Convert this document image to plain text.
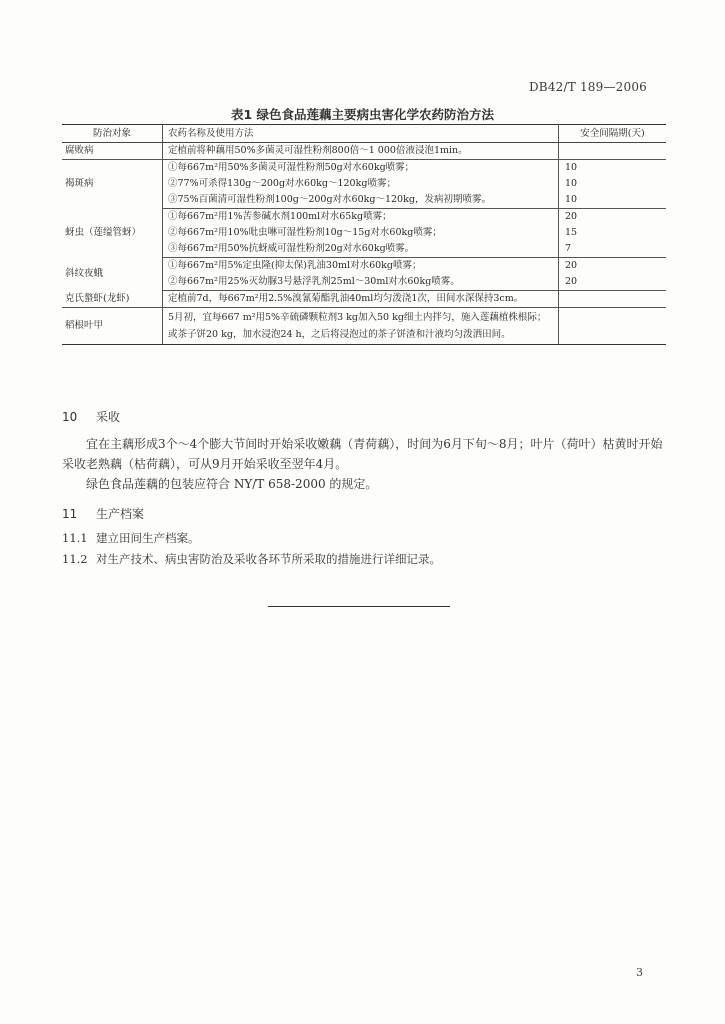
DB42/T 189—2006
表1 绿色食品莲藕主要病虫害化学农药防治方法
防治对象	农药名称及使用方法	安全间隔期(天)
腐败病	定植前将种藕用50%多菌灵可湿性粉剂800倍～1 000倍液浸泡1min。	
褐斑病	①每667m²用50%多菌灵可湿性粉剂50g对水60kg喷雾；	10
	②77%可杀得130g～200g对水60kg～120kg喷雾；	10
	③75%百菌清可湿性粉剂100g～200g对水60kg～120kg，发病初期喷雾。	10
蚜虫（莲缢管蚜）	①每667m²用1%苦参碱水剂100ml对水65kg喷雾；	20
	②每667m²用10%吡虫啉可湿性粉剂10g～15g对水60kg喷雾；	15
	③每667m²用50%抗蚜威可湿性粉剂20g对水60kg喷雾。	7
斜纹夜蛾	①每667m²用5%定虫隆(抑太保)乳油30ml对水60kg喷雾；	20
	②每667m²用25%灭幼脲3号悬浮乳剂25ml～30ml对水60kg喷雾。	20
克氏螯虾(龙虾)	定植前7d，每667m²用2.5%溴氰菊酯乳油40ml均匀泼浇1次，田间水深保持3cm。	
稻根叶甲	5月初，宜每667 m²用5%辛硫磷颗粒剂3 kg加入50 kg细土内拌匀，施入莲藕植株根际；或茶子饼20 kg，加水浸泡24 h，之后将浸泡过的茶子饼渣和汁液均匀泼洒田间。	
10 采收
宜在主藕形成3个～4个膨大节间时开始采收嫩藕（青荷藕），时间为6月下旬～8月；叶片（荷叶）枯黄时开始采收老熟藕（枯荷藕），可从9月开始采收至翌年4月。
绿色食品莲藕的包装应符合 NY/T 658-2000 的规定。
11 生产档案
11.1 建立田间生产档案。
11.2 对生产技术、病虫害防治及采收各环节所采取的措施进行详细记录。
3
